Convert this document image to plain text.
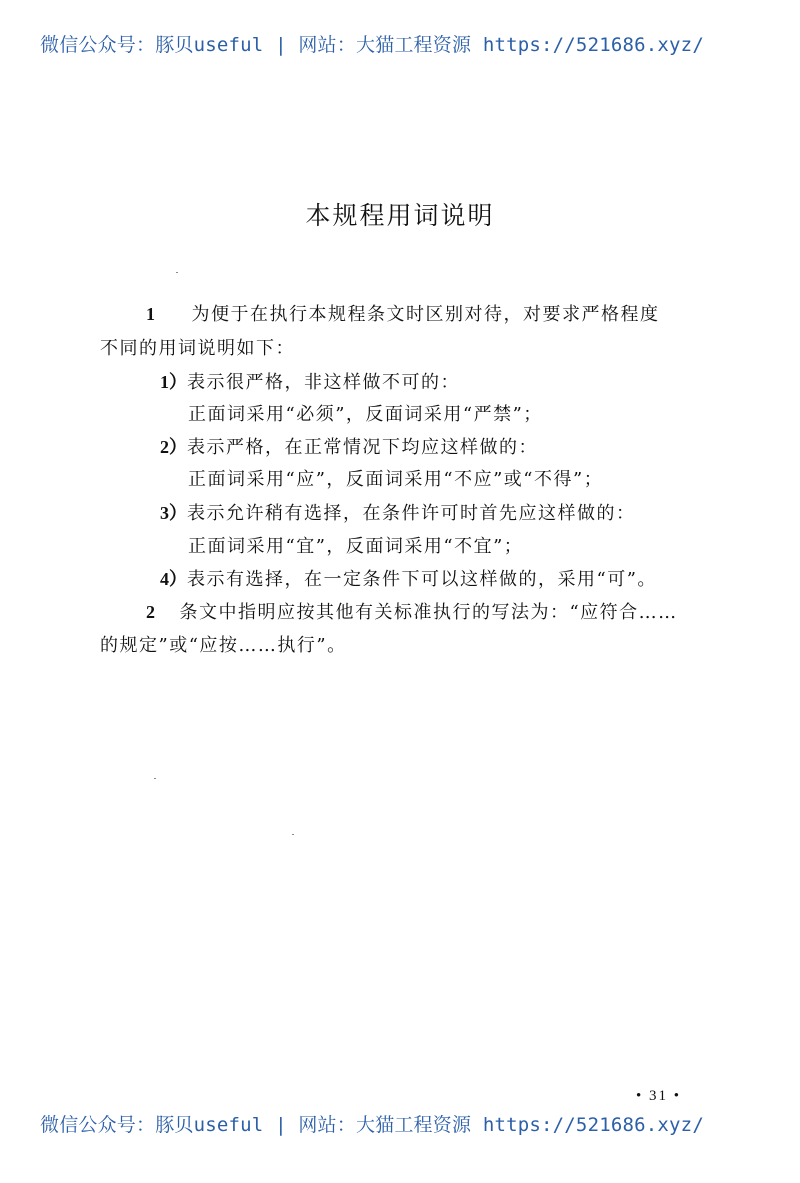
微信公众号：豚贝useful | 网站：大猫工程资源 https://521686.xyz/
本规程用词说明
1 为便于在执行本规程条文时区别对待，对要求严格程度
不同的用词说明如下：
1）表示很严格，非这样做不可的：
正面词采用“必须”，反面词采用“严禁”；
2）表示严格，在正常情况下均应这样做的：
正面词采用“应”，反面词采用“不应”或“不得”；
3）表示允许稍有选择，在条件许可时首先应这样做的：
正面词采用“宜”，反面词采用“不宜”；
4）表示有选择，在一定条件下可以这样做的，采用“可”。
2 条文中指明应按其他有关标准执行的写法为：“应符合……
的规定”或“应按……执行”。
• 31 •
微信公众号：豚贝useful | 网站：大猫工程资源 https://521686.xyz/
